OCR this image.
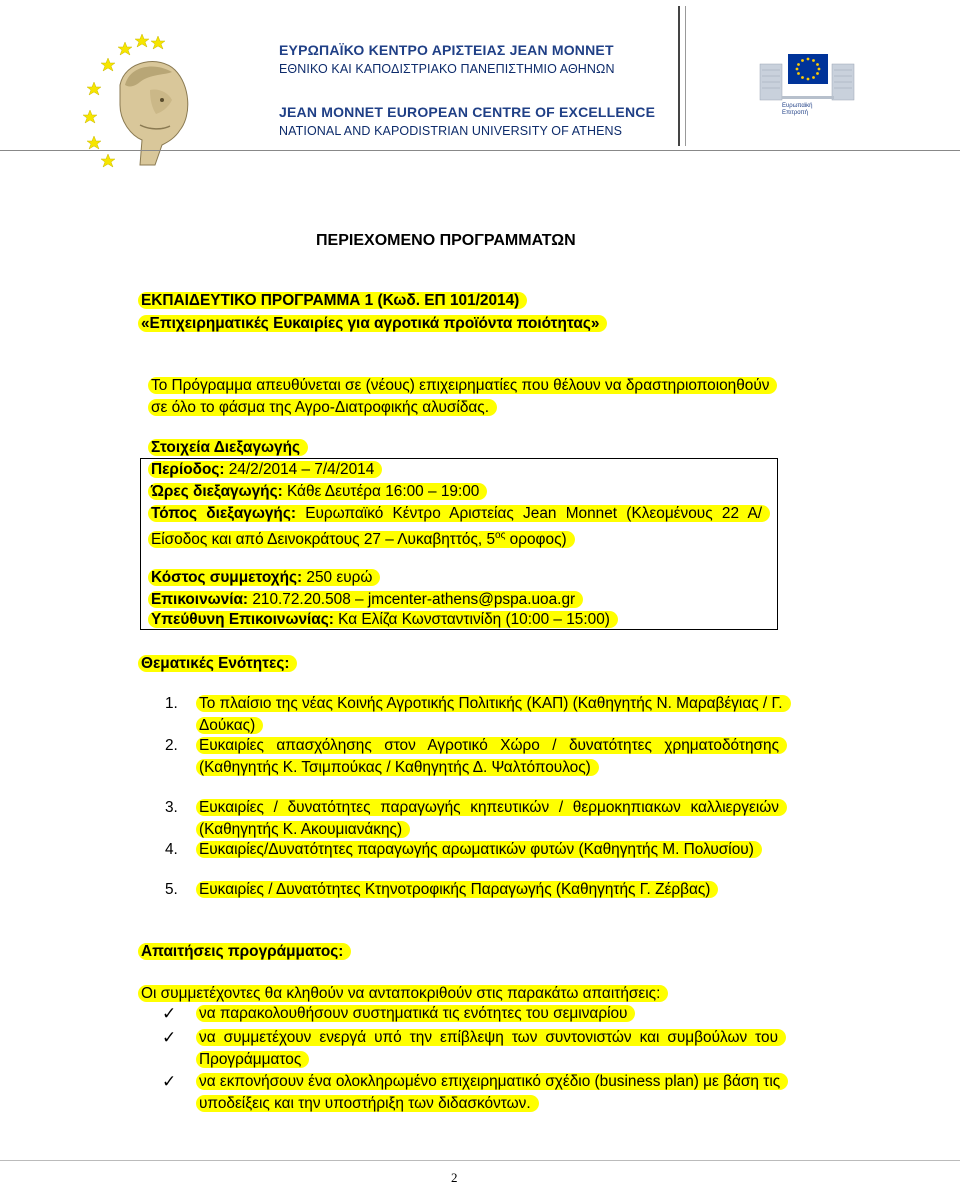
ΕΥΡΩΠΑΪΚΟ ΚΕΝΤΡΟ ΑΡΙΣΤΕΙΑΣ JEAN MONNET
ΕΘΝΙΚΟ ΚΑΙ ΚΑΠΟΔΙΣΤΡΙΑΚΟ ΠΑΝΕΠΙΣΤΗΜΙΟ ΑΘΗΝΩΝ
JEAN MONNET EUROPEAN CENTRE OF EXCELLENCE
NATIONAL AND KAPODISTRIAN UNIVERSITY OF ATHENS
Ευρωπαϊκή
Επιτροπή
ΠΕΡΙΕΧΟΜΕΝΟ ΠΡΟΓΡΑΜΜΑΤΩΝ
ΕΚΠΑΙΔΕΥΤΙΚΟ ΠΡΟΓΡΑΜΜΑ 1 (Κωδ. ΕΠ 101/2014)
«Επιχειρηματικές Ευκαιρίες για αγροτικά προϊόντα ποιότητας»
Το Πρόγραμμα απευθύνεται σε (νέους) επιχειρηματίες που θέλουν να δραστηριοποιοηθούν σε όλο το φάσμα της Αγρο-Διατροφικής αλυσίδας.
Στοιχεία Διεξαγωγής
Περίοδος: 24/2/2014 – 7/4/2014
Ώρες διεξαγωγής: Κάθε Δευτέρα 16:00 – 19:00
Τόπος διεξαγωγής: Ευρωπαϊκό Κέντρο Αριστείας Jean Monnet (Κλεομένους 22 Α/ Είσοδος και από Δεινοκράτους 27 – Λυκαβηττός, $5^{o\varsigma}$ οροφος)
Κόστος συμμετοχής: 250 ευρώ
Επικοινωνία: 210.72.20.508 – jmcenter-athens@pspa.uoa.gr
Υπεύθυνη Επικοινωνίας: Κα Ελίζα Κωνσταντινίδη (10:00 – 15:00)
Θεματικές Ενότητες:
1. Το πλαίσιο της νέας Κοινής Αγροτικής Πολιτικής (ΚΑΠ) (Καθηγητής Ν. Μαραβέγιας / Γ. Δούκας)
2. Ευκαιρίες απασχόλησης στον Αγροτικό Χώρο / δυνατότητες χρηματοδότησης (Καθηγητής Κ. Τσιμπούκας / Καθηγητής Δ. Ψαλτόπουλος)
3. Ευκαιρίες / δυνατότητες παραγωγής κηπευτικών / θερμοκηπιακων καλλιεργειών (Καθηγητής Κ. Ακουμιανάκης)
4. Ευκαιρίες/Δυνατότητες παραγωγής αρωματικών φυτών (Καθηγητής Μ. Πολυσίου)
5. Ευκαιρίες / Δυνατότητες Κτηνοτροφικής Παραγωγής (Καθηγητής Γ. Ζέρβας)
Απαιτήσεις προγράμματος:
Οι συμμετέχοντες θα κληθούν να ανταποκριθούν στις παρακάτω απαιτήσεις:
✓ να παρακολουθήσουν συστηματικά τις ενότητες του σεμιναρίου
✓ να συμμετέχουν ενεργά υπό την επίβλεψη των συντονιστών και συμβούλων του Προγράμματος
✓ να εκπονήσουν ένα ολοκληρωμένο επιχειρηματικό σχέδιο (business plan) με βάση τις υποδείξεις και την υποστήριξη των διδασκόντων.
2
